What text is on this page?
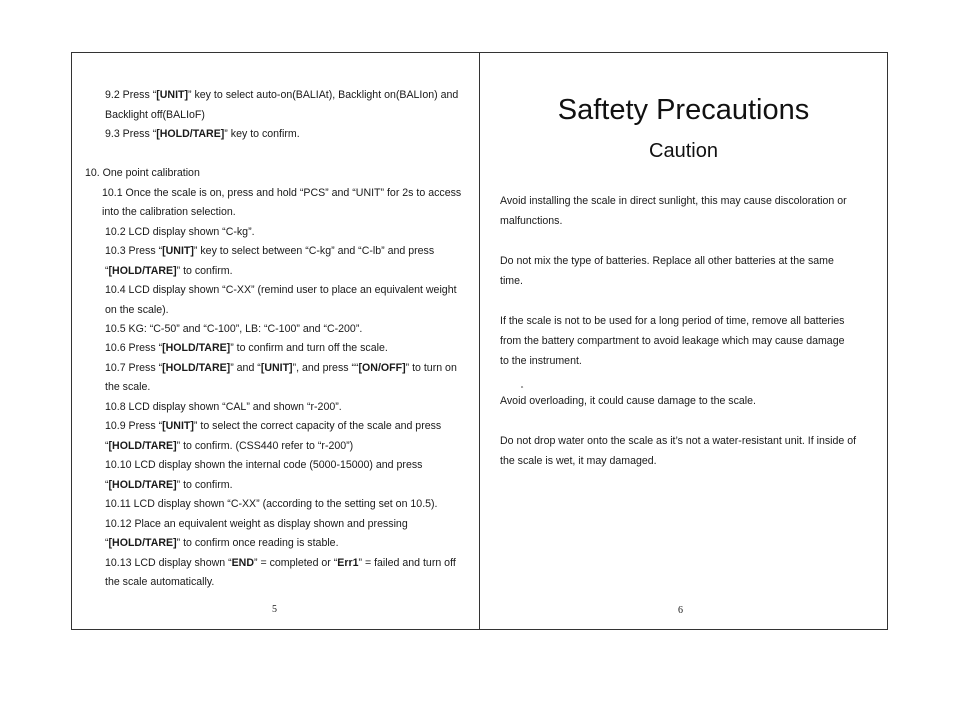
9.2 Press “[UNIT]” key to select auto-on(BALIAt), Backlight on(BALIon) and
Backlight off(BALIoF)
9.3 Press “[HOLD/TARE]” key to confirm.
10. One point calibration
10.1 Once the scale is on, press and hold “PCS” and “UNIT” for 2s to access
into the calibration selection.
10.2 LCD display shown “C-kg”.
10.3 Press “[UNIT]” key to select between “C-kg” and “C-lb” and press
“[HOLD/TARE]” to confirm.
10.4 LCD display shown “C-XX” (remind user to place an equivalent weight
on the scale).
10.5 KG: “C-50” and “C-100”, LB: “C-100” and “C-200”.
10.6 Press “[HOLD/TARE]” to confirm and turn off the scale.
10.7 Press “[HOLD/TARE]” and “[UNIT]”, and press ““[ON/OFF]” to turn on
the scale.
10.8 LCD display shown “CAL” and shown “r-200”.
10.9 Press “[UNIT]” to select the correct capacity of the scale and press
“[HOLD/TARE]” to confirm. (CSS440 refer to “r-200”)
10.10 LCD display shown the internal code (5000-15000) and press
“[HOLD/TARE]” to confirm.
10.11 LCD display shown “C-XX” (according to the setting set on 10.5).
10.12 Place an equivalent weight as display shown and pressing
“[HOLD/TARE]” to confirm once reading is stable.
10.13 LCD display shown “END” = completed or “Err1” = failed and turn off
the scale automatically.
5
Saftety Precautions
Caution
Avoid installing the scale in direct sunlight, this may cause discoloration or
malfunctions.
Do not mix the type of batteries. Replace all other batteries at the same
time.
If the scale is not to be used for a long period of time, remove all batteries
from the battery compartment to avoid leakage which may cause damage
to the instrument.
“
Avoid overloading, it could cause damage to the scale.
Do not drop water onto the scale as it’s not a water-resistant unit. If inside of
the scale is wet, it may damaged.
6
